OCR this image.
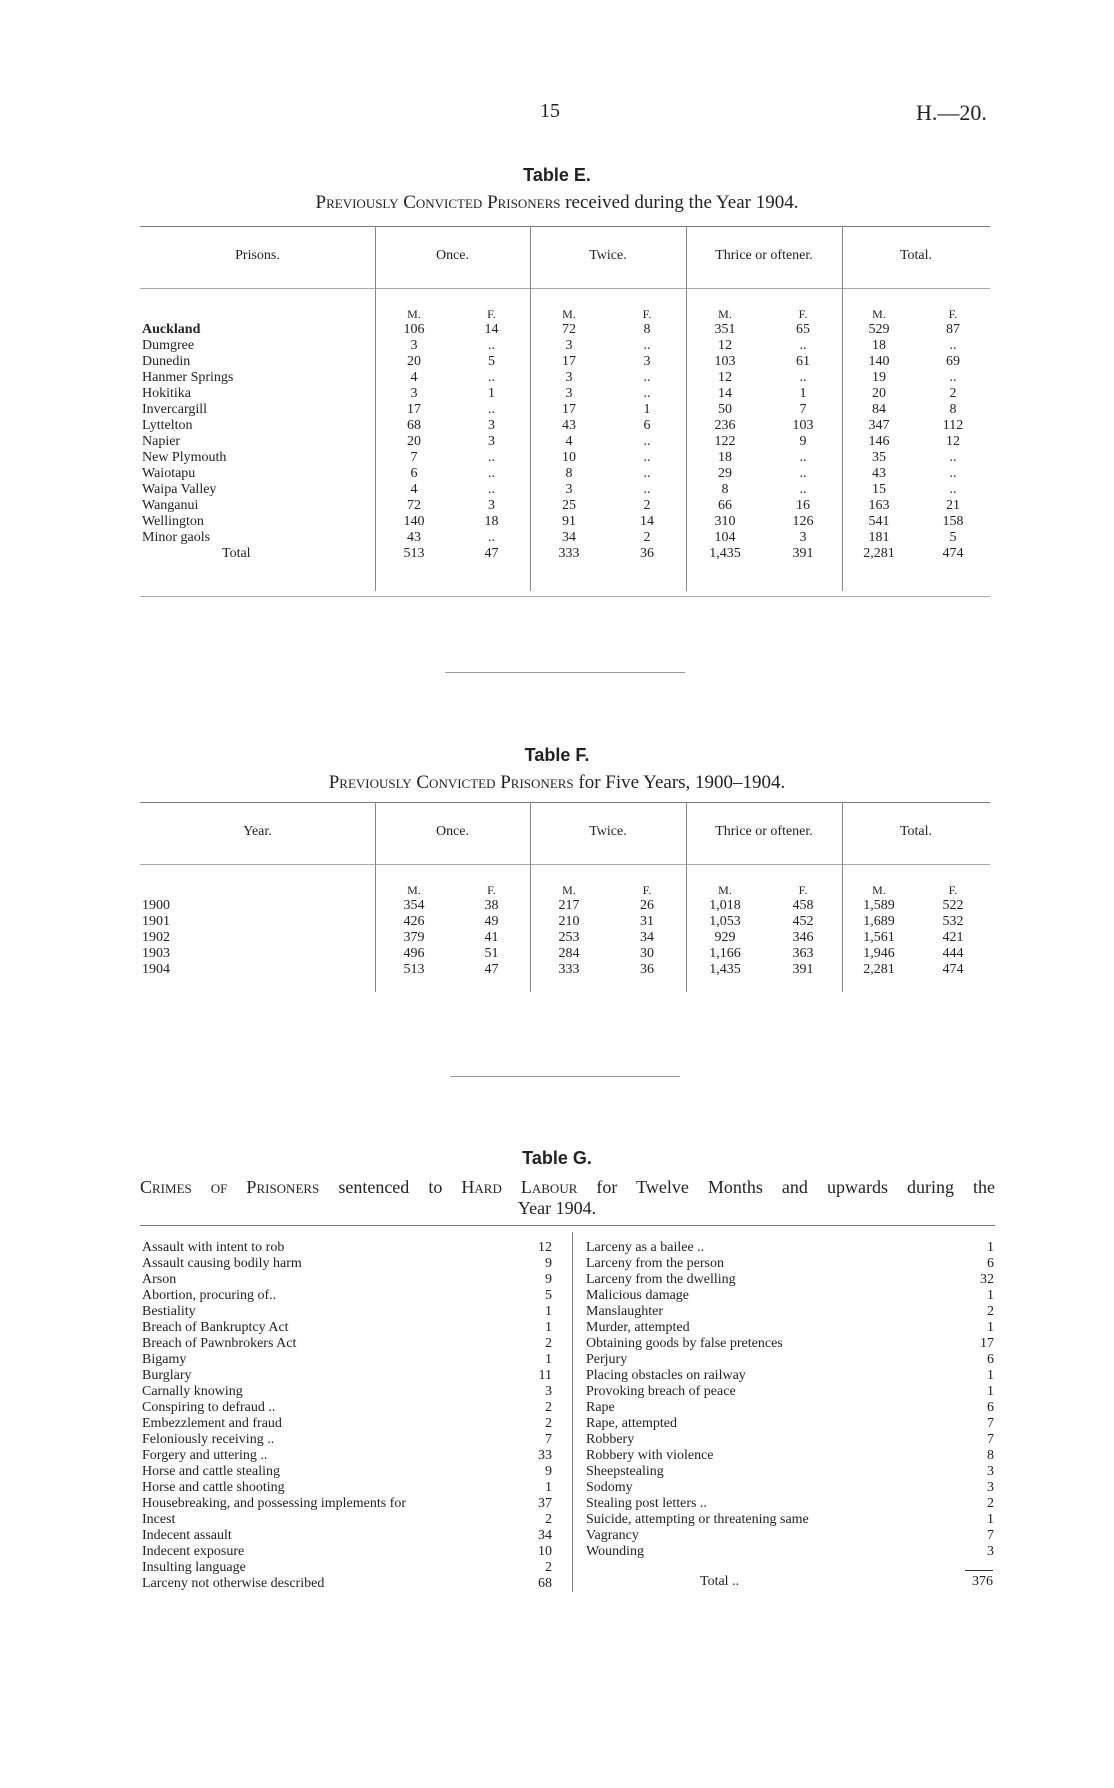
15	H.—20.
Table E.
Previously Convicted Prisoners received during the Year 1904.
Prisons.	Once.	Twice.	Thrice or oftener.	Total.
	M.	F.	M.	F.	M.	F.	M.	F.
Auckland	106	14	72	8	351	65	529	87
Dumgree	3	..	3	..	12	..	18	..
Dunedin	20	5	17	3	103	61	140	69
Hanmer Springs	4	..	3	..	12	..	19	..
Hokitika	3	1	3	..	14	1	20	2
Invercargill	17	..	17	1	50	7	84	8
Lyttelton	68	3	43	6	236	103	347	112
Napier	20	3	4	..	122	9	146	12
New Plymouth	7	..	10	..	18	..	35	..
Waiotapu	6	..	8	..	29	..	43	..
Waipa Valley	4	..	3	..	8	..	15	..
Wanganui	72	3	25	2	66	16	163	21
Wellington	140	18	91	14	310	126	541	158
Minor gaols	43	..	34	2	104	3	181	5
Total	513	47	333	36	1,435	391	2,281	474
Table F.
Previously Convicted Prisoners for Five Years, 1900–1904.
Year.	Once.	Twice.	Thrice or oftener.	Total.
	M.	F.	M.	F.	M.	F.	M.	F.
1900	354	38	217	26	1,018	458	1,589	522
1901	426	49	210	31	1,053	452	1,689	532
1902	379	41	253	34	929	346	1,561	421
1903	496	51	284	30	1,166	363	1,946	444
1904	513	47	333	36	1,435	391	2,281	474
Table G.
Crimes of Prisoners sentenced to Hard Labour for Twelve Months and upwards during the
Year 1904.
Assault with intent to rob	12
Assault causing bodily harm	9
Arson	9
Abortion, procuring of..	5
Bestiality	1
Breach of Bankruptcy Act	1
Breach of Pawnbrokers Act	2
Bigamy	1
Burglary	11
Carnally knowing	3
Conspiring to defraud ..	2
Embezzlement and fraud	2
Feloniously receiving ..	7
Forgery and uttering ..	33
Horse and cattle stealing	9
Horse and cattle shooting	1
Housebreaking, and possessing implements for	37
Incest	2
Indecent assault	34
Indecent exposure	10
Insulting language	2
Larceny not otherwise described	68
Larceny as a bailee ..	1
Larceny from the person	6
Larceny from the dwelling	32
Malicious damage	1
Manslaughter	2
Murder, attempted	1
Obtaining goods by false pretences	17
Perjury	6
Placing obstacles on railway	1
Provoking breach of peace	1
Rape	6
Rape, attempted	7
Robbery	7
Robbery with violence	8
Sheepstealing	3
Sodomy	3
Stealing post letters ..	2
Suicide, attempting or threatening same	1
Vagrancy	7
Wounding	3
Total ..	376
